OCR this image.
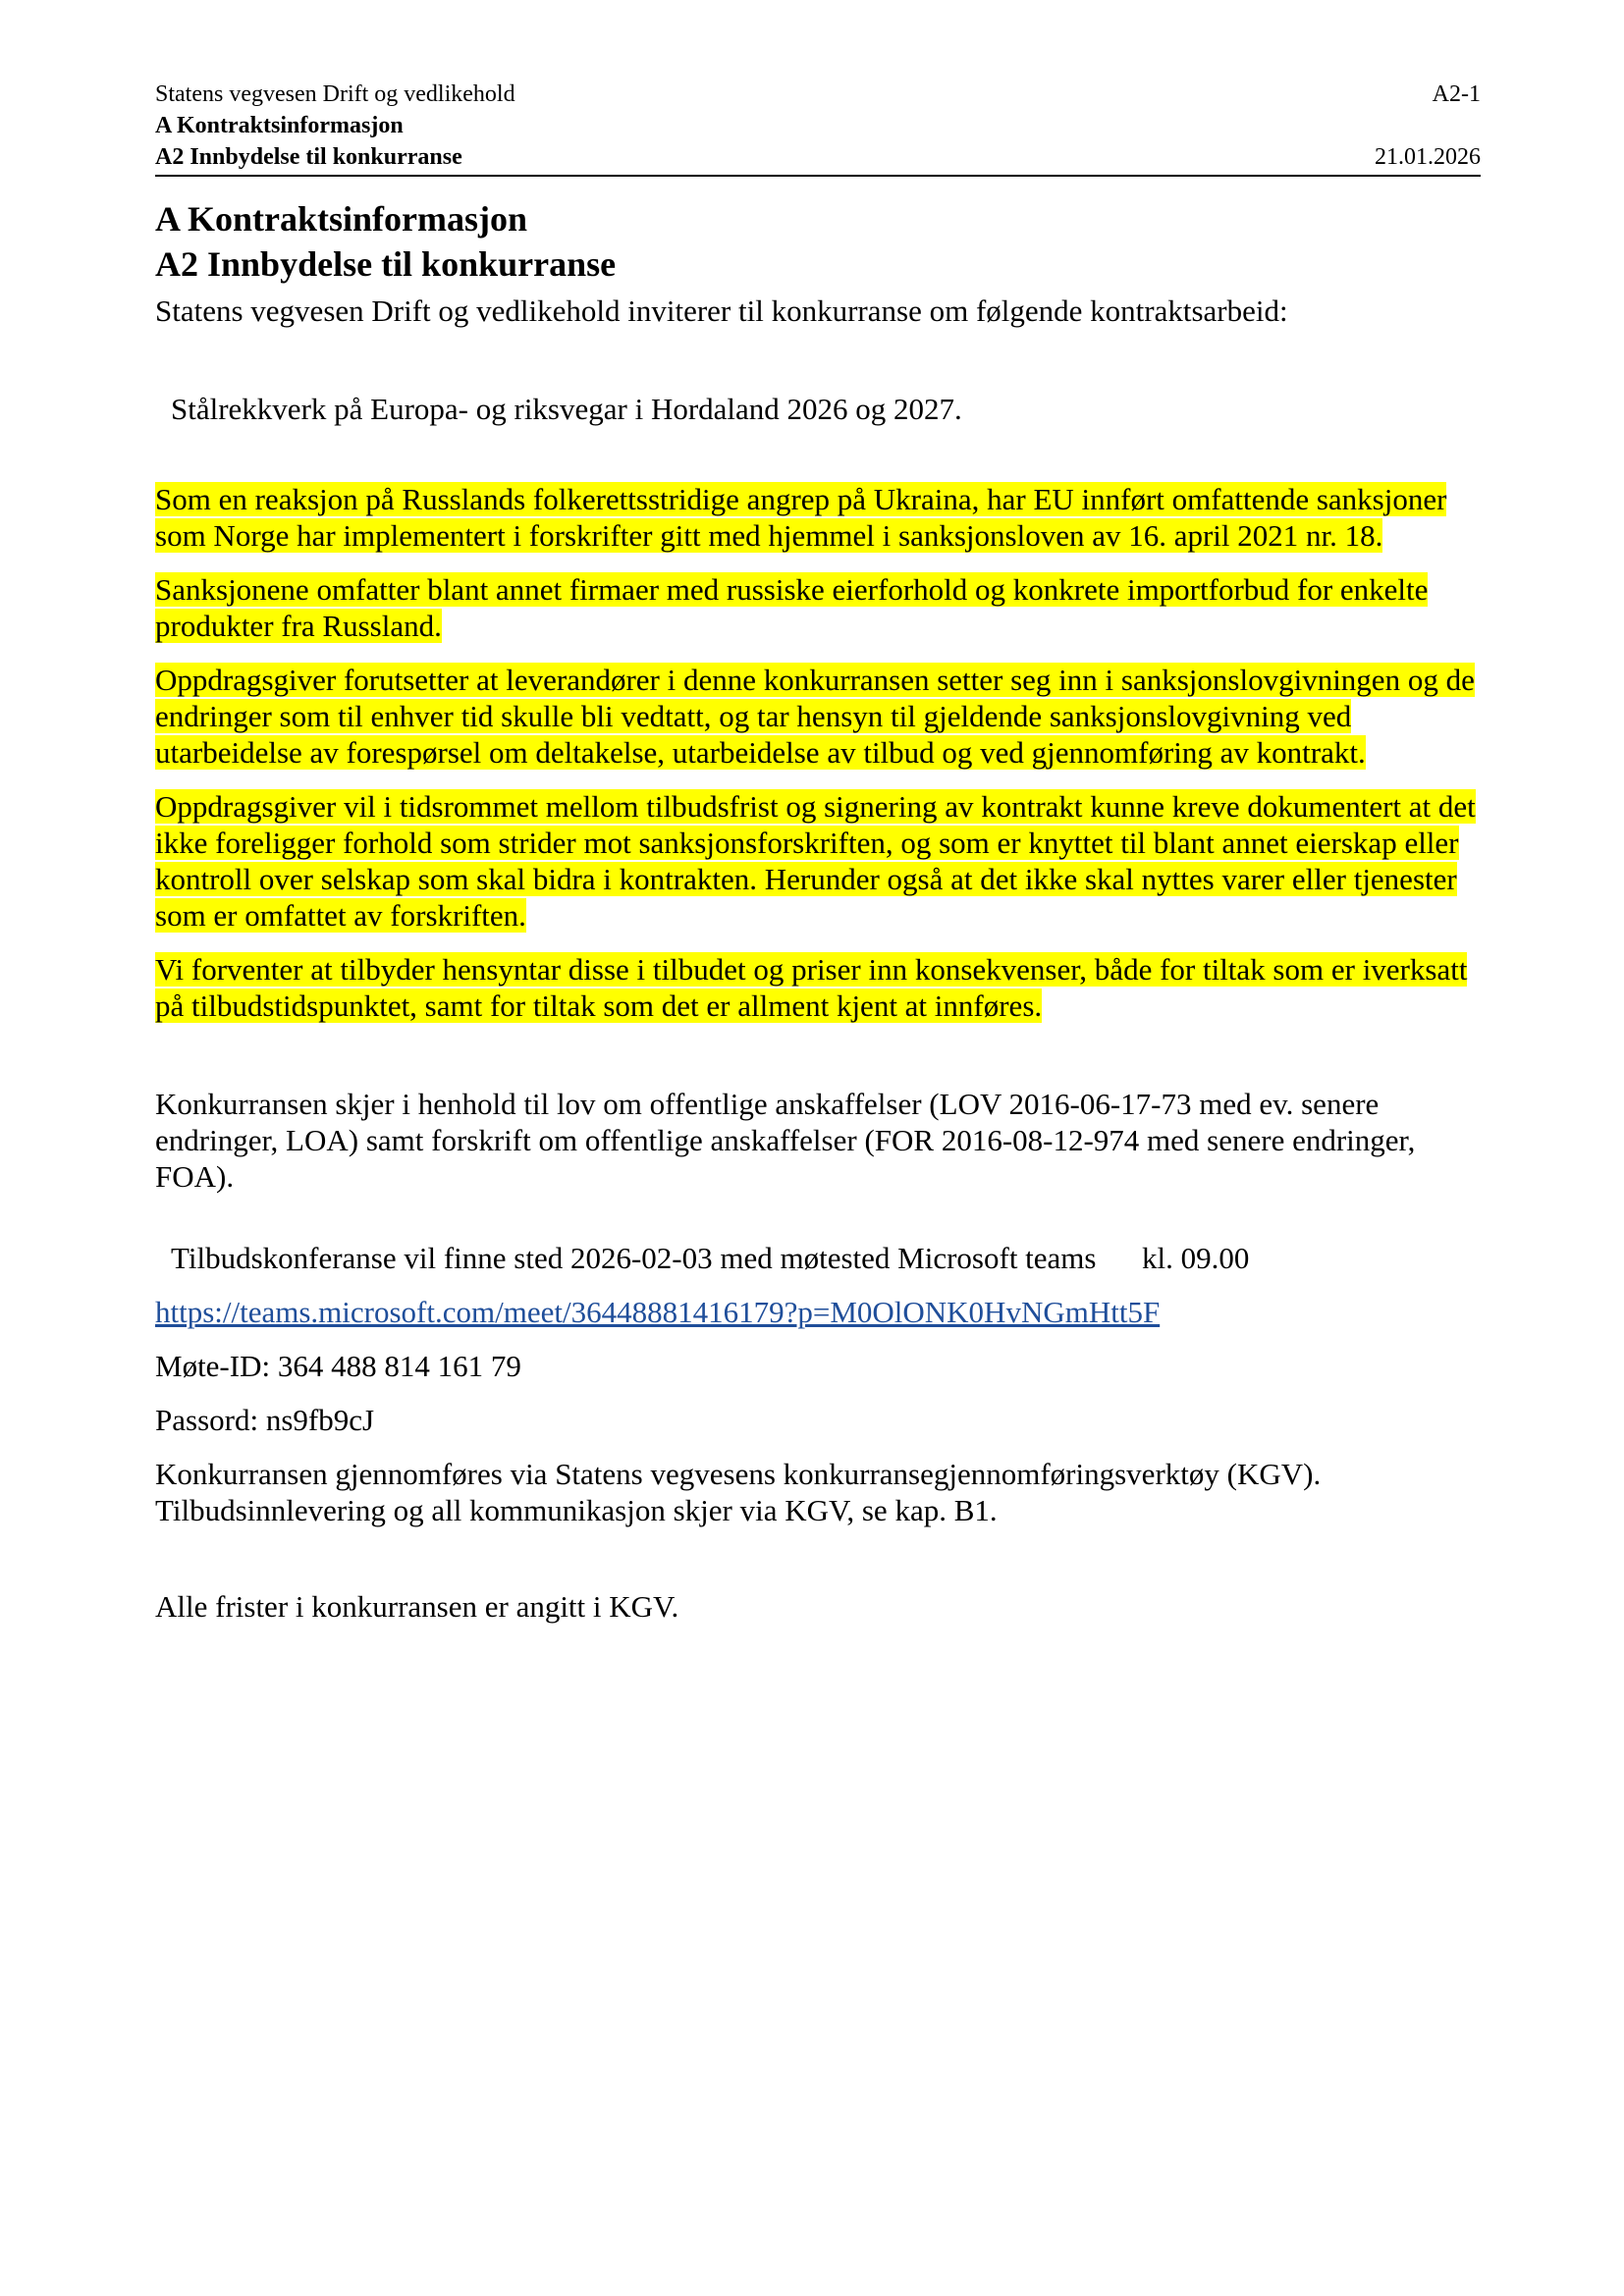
Statens vegvesen Drift og vedlikehold	A2-1
A Kontraktsinformasjon
A2 Innbydelse til konkurranse	21.01.2026
A Kontraktsinformasjon
A2 Innbydelse til konkurranse

Statens vegvesen Drift og vedlikehold inviterer til konkurranse om følgende kontraktsarbeid:

Stålrekkverk på Europa- og riksvegar i Hordaland 2026 og 2027.

Som en reaksjon på Russlands folkerettsstridige angrep på Ukraina, har EU innført omfattende sanksjoner som Norge har implementert i forskrifter gitt med hjemmel i sanksjonsloven av 16. april 2021 nr. 18.

Sanksjonene omfatter blant annet firmaer med russiske eierforhold og konkrete importforbud for enkelte produkter fra Russland.

Oppdragsgiver forutsetter at leverandører i denne konkurransen setter seg inn i sanksjonslovgivningen og de endringer som til enhver tid skulle bli vedtatt, og tar hensyn til gjeldende sanksjonslovgivning ved utarbeidelse av forespørsel om deltakelse, utarbeidelse av tilbud og ved gjennomføring av kontrakt.

Oppdragsgiver vil i tidsrommet mellom tilbudsfrist og signering av kontrakt kunne kreve dokumentert at det ikke foreligger forhold som strider mot sanksjonsforskriften, og som er knyttet til blant annet eierskap eller kontroll over selskap som skal bidra i kontrakten. Herunder også at det ikke skal nyttes varer eller tjenester som er omfattet av forskriften.

Vi forventer at tilbyder hensyntar disse i tilbudet og priser inn konsekvenser, både for tiltak som er iverksatt på tilbudstidspunktet, samt for tiltak som det er allment kjent at innføres.

Konkurransen skjer i henhold til lov om offentlige anskaffelser (LOV 2016-06-17-73 med ev. senere endringer, LOA) samt forskrift om offentlige anskaffelser (FOR 2016-08-12-974 med senere endringer, FOA).

Tilbudskonferanse vil finne sted 2026-02-03 med møtested Microsoft teams      kl. 09.00

https://teams.microsoft.com/meet/36448881416179?p=M0OlONK0HvNGmHtt5F

Møte-ID: 364 488 814 161 79

Passord: ns9fb9cJ

Konkurransen gjennomføres via Statens vegvesens konkurransegjennomføringsverktøy (KGV). Tilbudsinnlevering og all kommunikasjon skjer via KGV, se kap. B1.

Alle frister i konkurransen er angitt i KGV.
